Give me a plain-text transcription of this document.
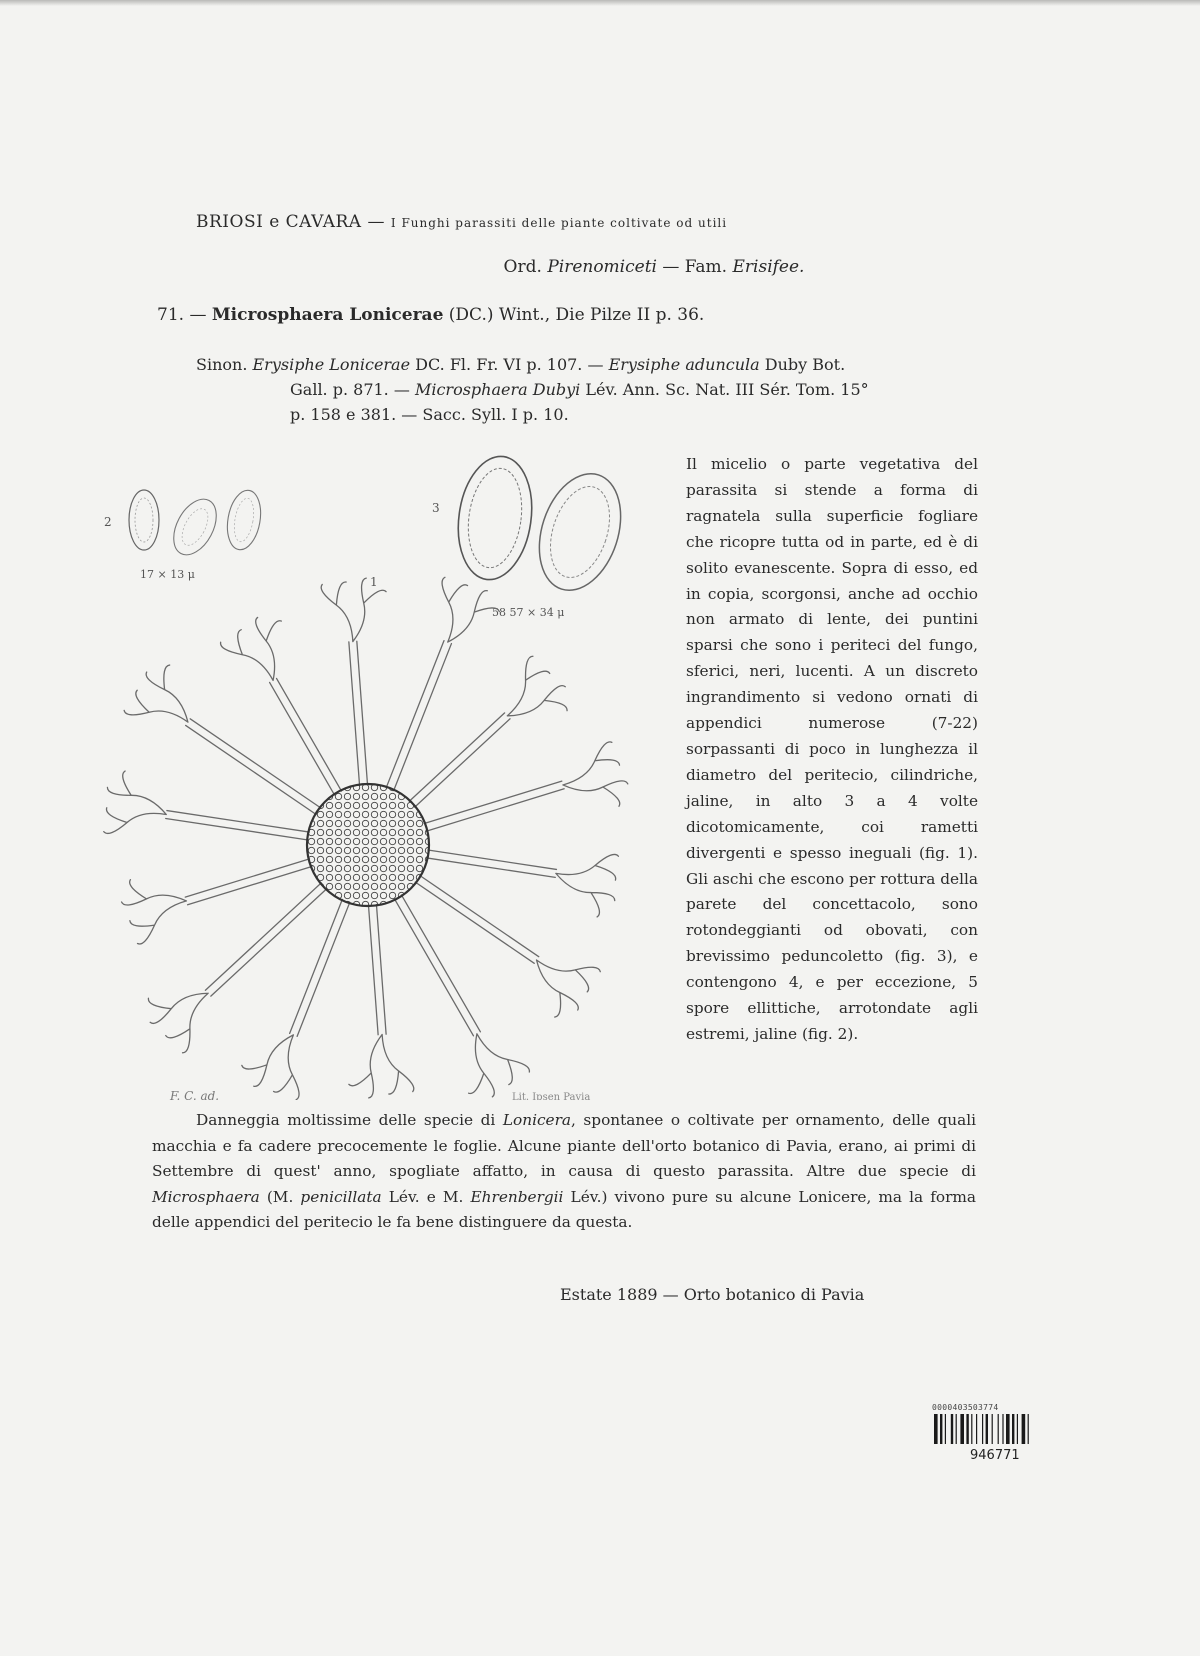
BRIOSI e CAVARA — I Funghi parassiti delle piante coltivate od utili
Ord. Pirenomiceti — Fam. Erisifee.
71. — Microsphaera Lonicerae (DC.) Wint., Die Pilze II p. 36.
Sinon. Erysiphe Lonicerae DC. Fl. Fr. VI p. 107. — Erysiphe aduncula Duby Bot.
Gall. p. 871. — Microsphaera Dubyi Lév. Ann. Sc. Nat. III Sér. Tom. 15°
p. 158 e 381. — Sacc. Syll. I p. 10.
2
17 × 13 μ
3
58 57 × 34 μ
1
F. C. ad.	Lit. Ipsen Pavia
Il micelio o parte vegetativa del parassita si stende a forma di ragnatela sulla superficie fogliare che ricopre tutta od in parte, ed è di solito evanescente. Sopra di esso, ed in copia, scorgonsi, anche ad occhio non armato di lente, dei puntini sparsi che sono i periteci del fungo, sferici, neri, lucenti. A un discreto ingrandimento si vedono ornati di appendici numerose (7-22) sorpassanti di poco in lunghezza il diametro del peritecio, cilindriche, jaline, in alto 3 a 4 volte dicotomicamente, coi rametti divergenti e spesso ineguali (fig. 1). Gli aschi che escono per rottura della parete del concettacolo, sono rotondeggianti od obovati, con brevissimo peduncoletto (fig. 3), e contengono 4, e per eccezione, 5 spore ellittiche, arrotondate agli estremi, jaline (fig. 2).
Danneggia moltissime delle specie di Lonicera, spontanee o coltivate per ornamento, delle quali macchia e fa cadere precocemente le foglie. Alcune piante dell'orto botanico di Pavia, erano, ai primi di Settembre di quest' anno, spogliate affatto, in causa di questo parassita. Altre due specie di Microsphaera (M. penicillata Lév. e M. Ehrenbergii Lév.) vivono pure su alcune Lonicere, ma la forma delle appendici del peritecio le fa bene distinguere da questa.
Estate 1889 — Orto botanico di Pavia
0000403503774
946771
